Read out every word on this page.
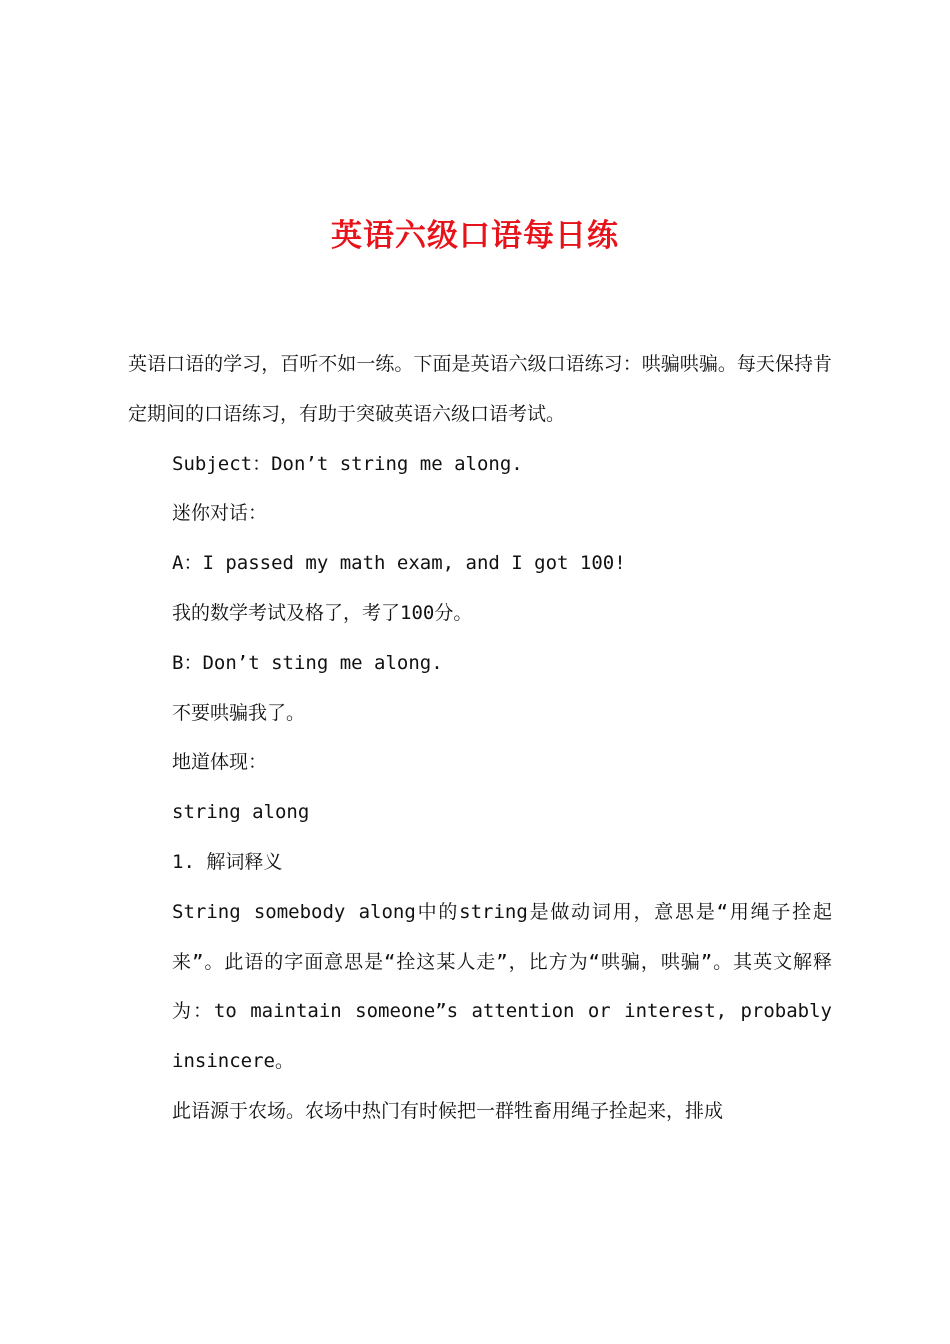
英语六级口语每日练

英语口语的学习，百听不如一练。下面是英语六级口语练习：哄骗哄骗。每天保持肯定期间的口语练习，有助于突破英语六级口语考试。

Subject：Don’t string me along.

迷你对话：

A：I passed my math exam, and I got 100!

我的数学考试及格了，考了100分。

B：Don’t sting me along.

不要哄骗我了。

地道体现：

string along

1. 解词释义

String somebody along中的string是做动词用，意思是“用绳子拴起来”。此语的字面意思是“拴这某人走”，比方为“哄骗，哄骗”。其英文解释为：to maintain someone”s attention or interest, probably insincere。

此语源于农场。农场中热门有时候把一群牲畜用绳子拴起来，排成
